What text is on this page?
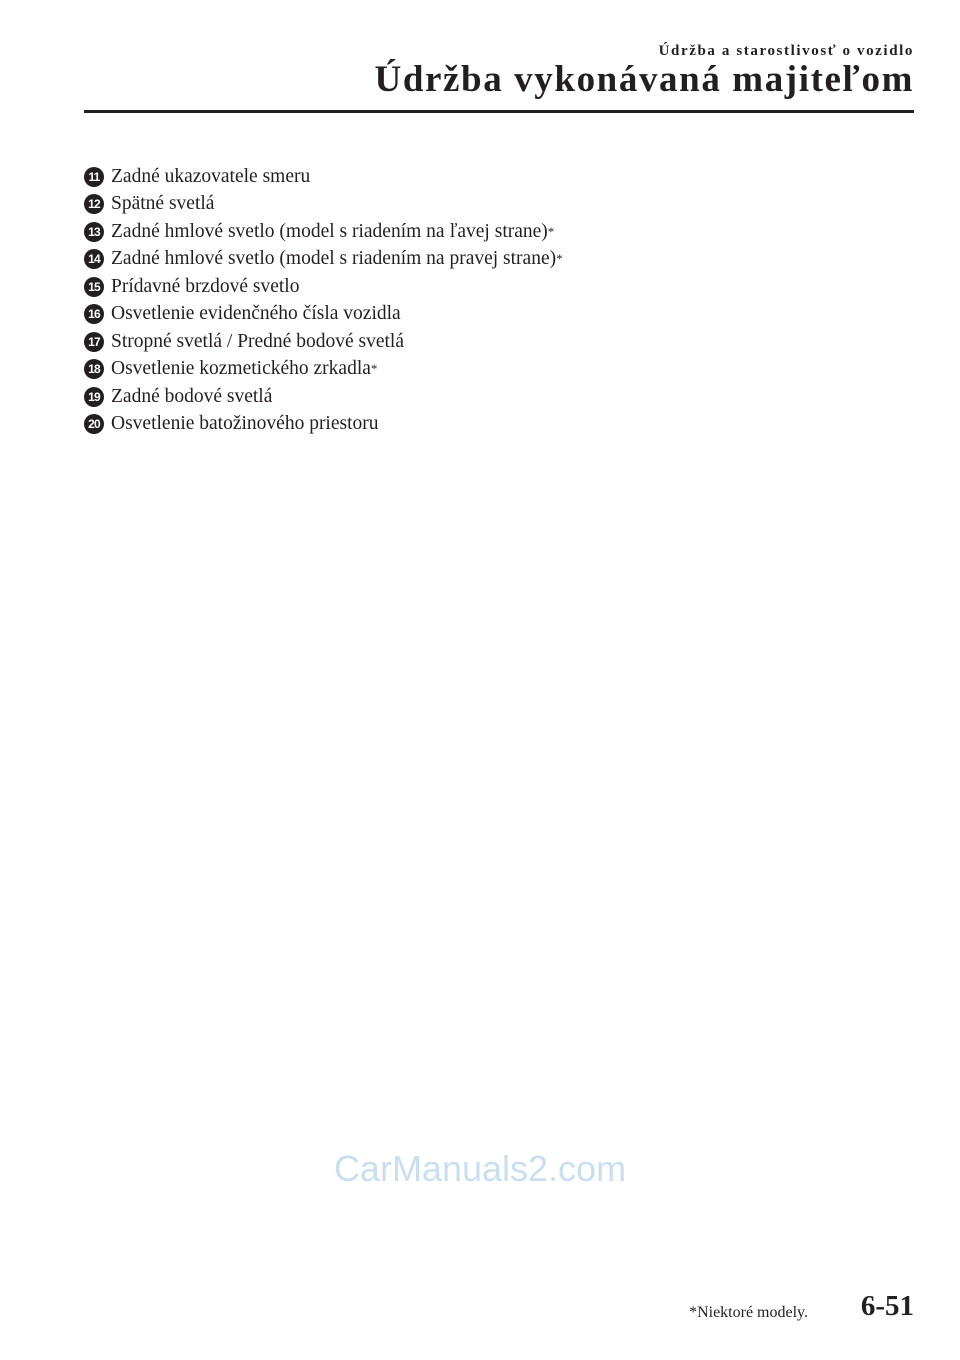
Údržba a starostlivosť o vozidlo
Údržba vykonávaná majiteľom
11 Zadné ukazovatele smeru
12 Spätné svetlá
13 Zadné hmlové svetlo (model s riadením na ľavej strane) *
14 Zadné hmlové svetlo (model s riadením na pravej strane) *
15 Prídavné brzdové svetlo
16 Osvetlenie evidenčného čísla vozidla
17 Stropné svetlá / Predné bodové svetlá
18 Osvetlenie kozmetického zrkadla *
19 Zadné bodové svetlá
20 Osvetlenie batožinového priestoru
CarManuals2.com
*Niektoré modely. 6-51
